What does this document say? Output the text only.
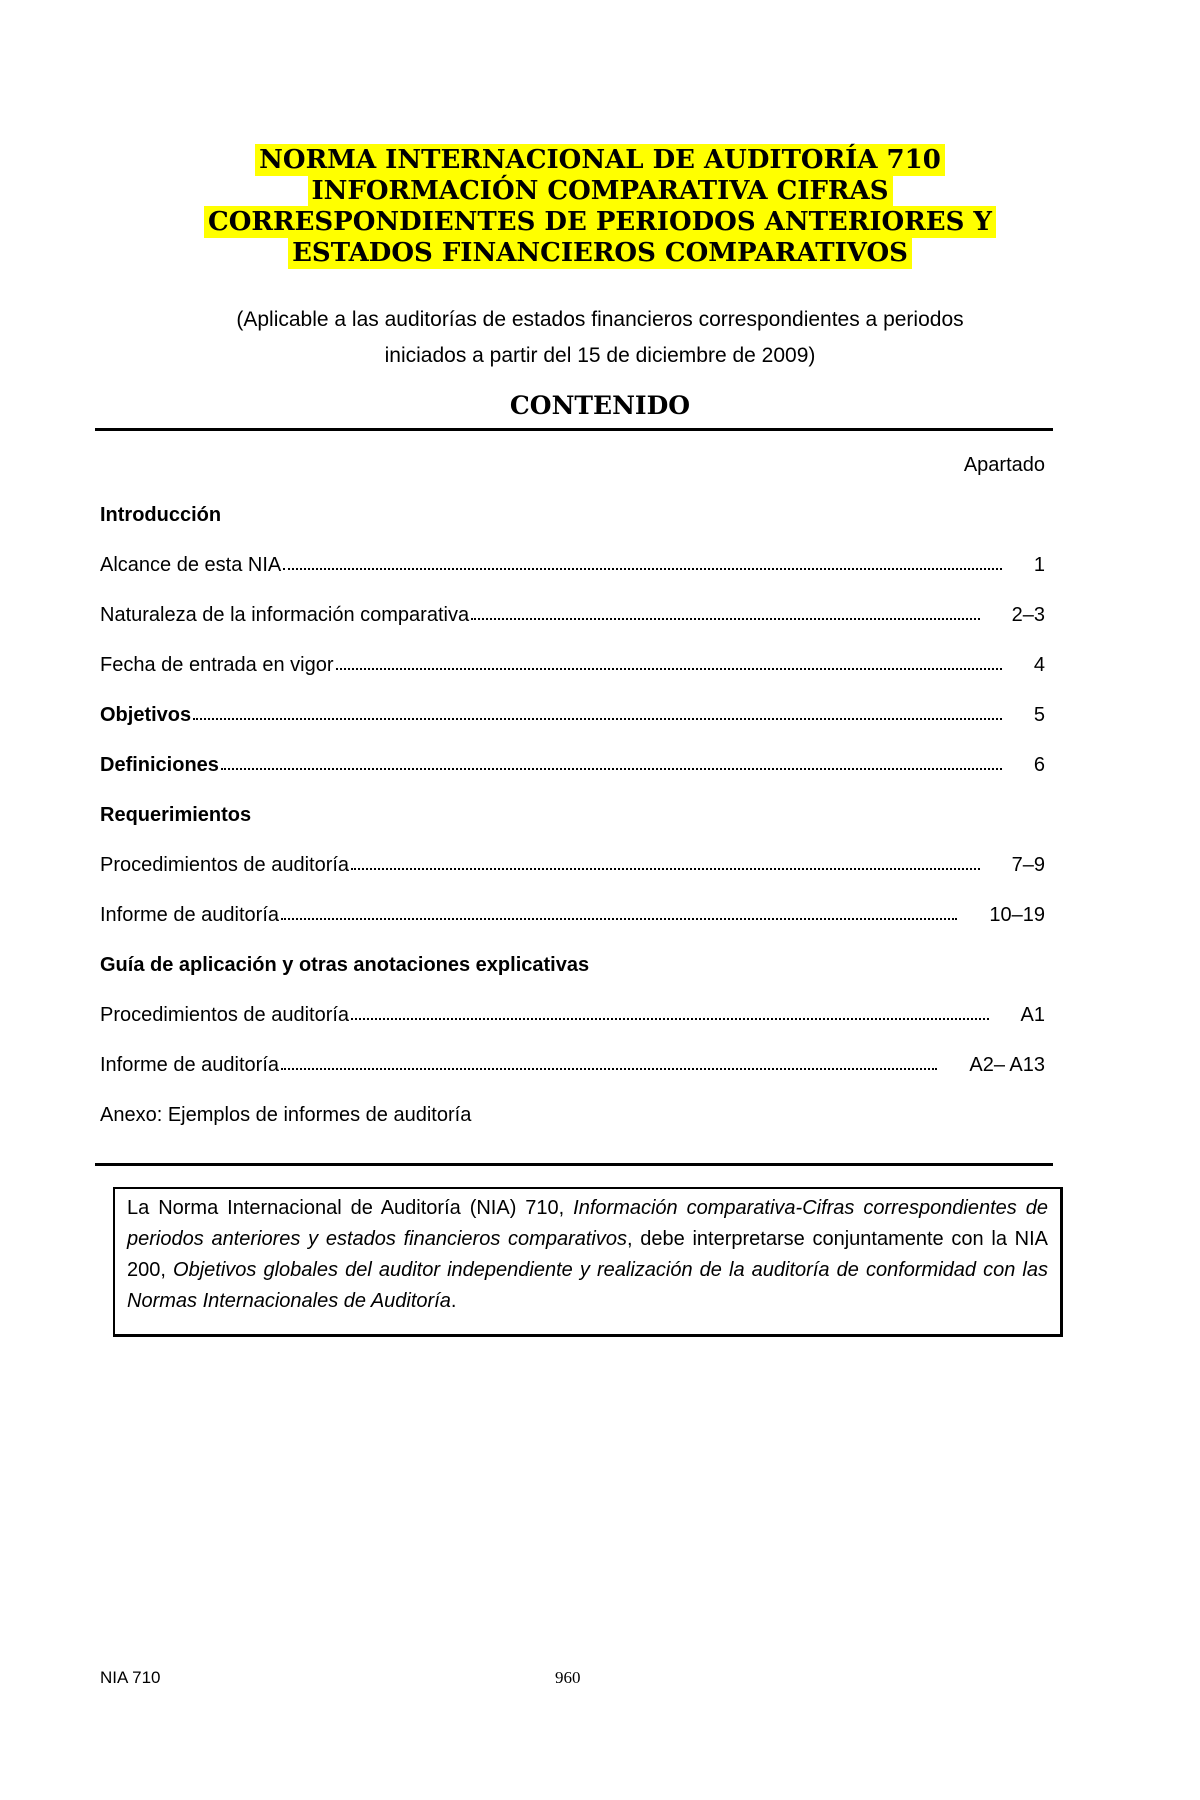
NORMA INTERNACIONAL DE AUDITORÍA 710
INFORMACIÓN COMPARATIVA CIFRAS
CORRESPONDIENTES DE PERIODOS ANTERIORES Y
ESTADOS FINANCIEROS COMPARATIVOS
(Aplicable a las auditorías de estados financieros correspondientes a periodos
iniciados a partir del 15 de diciembre de 2009)
CONTENIDO
Apartado
Introducción
Alcance de esta NIA	1
Naturaleza de la información comparativa	2–3
Fecha de entrada en vigor	4
Objetivos	5
Definiciones	6
Requerimientos
Procedimientos de auditoría	7–9
Informe de auditoría	10–19
Guía de aplicación y otras anotaciones explicativas
Procedimientos de auditoría	A1
Informe de auditoría	A2– A13
Anexo: Ejemplos de informes de auditoría
La Norma Internacional de Auditoría (NIA) 710, Información comparativa-Cifras correspondientes de periodos anteriores y estados financieros comparativos, debe interpretarse conjuntamente con la NIA 200, Objetivos globales del auditor independiente y realización de la auditoría de conformidad con las Normas Internacionales de Auditoría.
NIA 710	960
